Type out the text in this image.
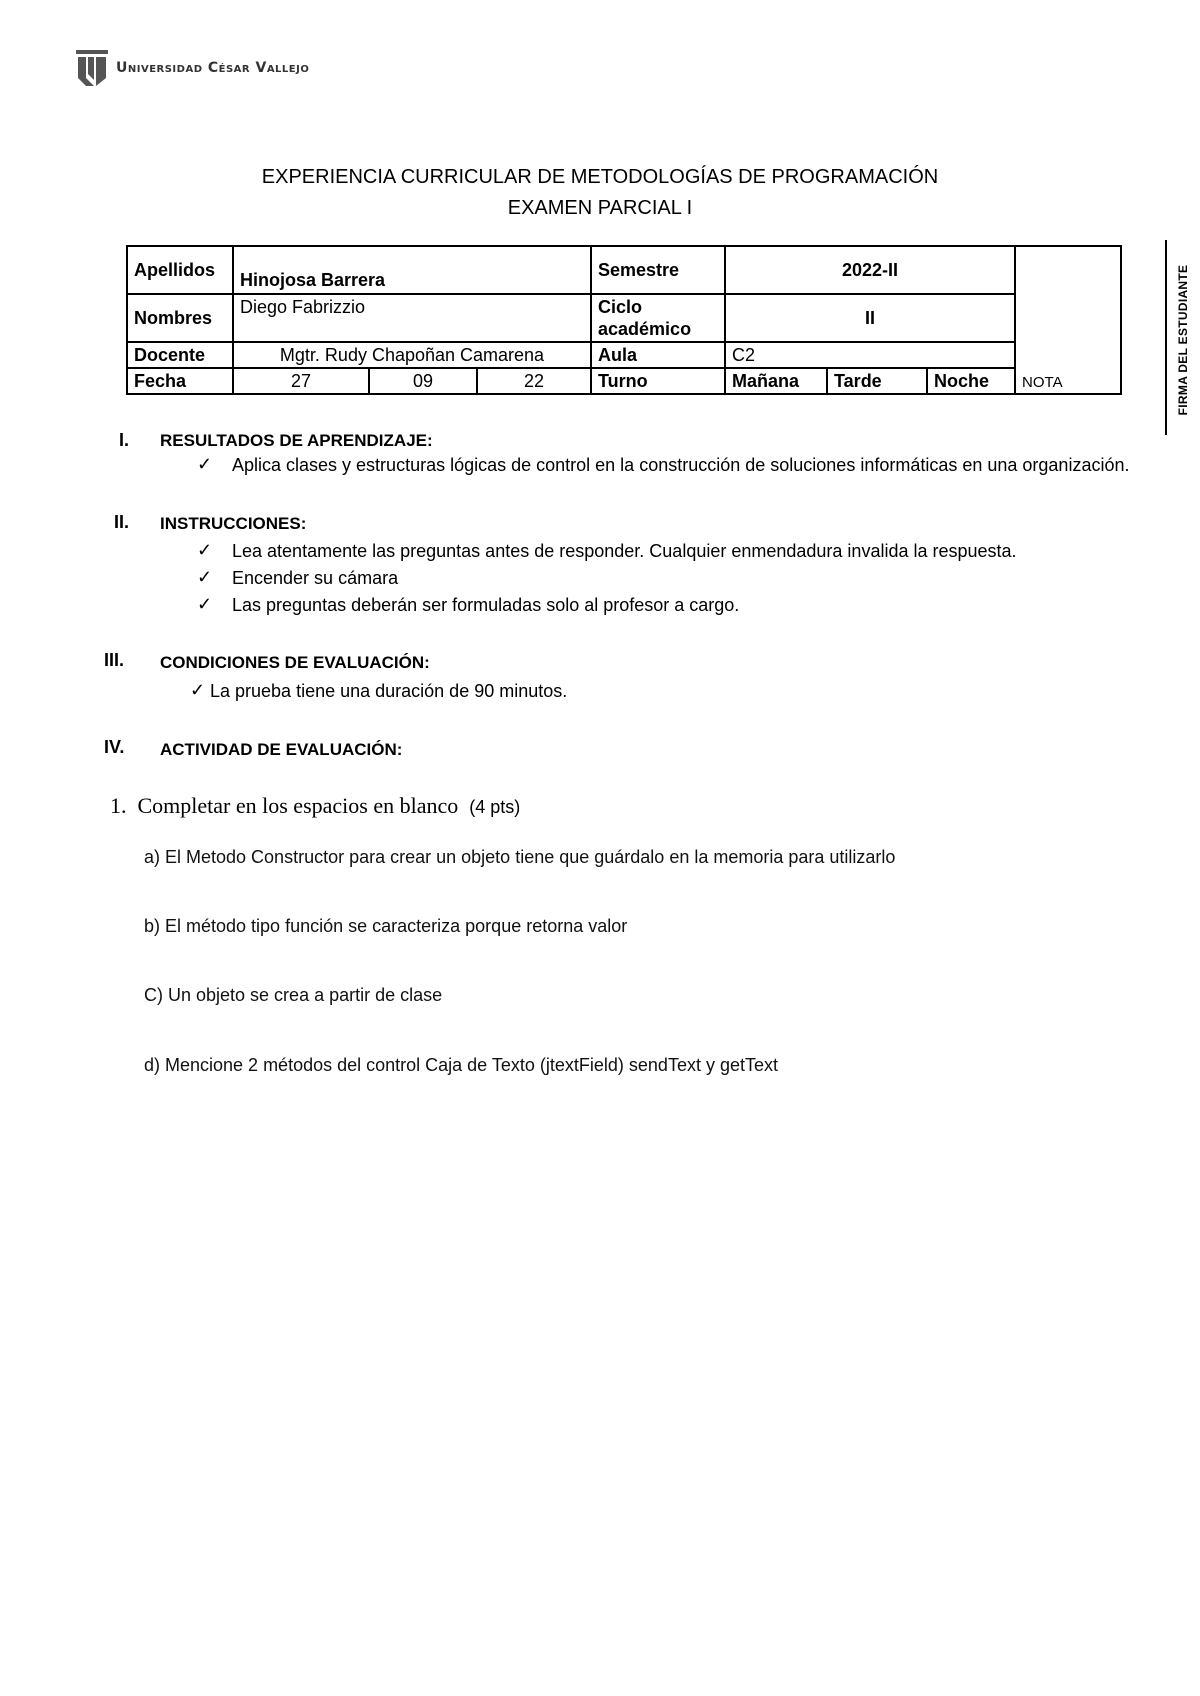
Universidad César Vallejo
EXPERIENCIA CURRICULAR DE METODOLOGÍAS DE PROGRAMACIÓN
EXAMEN PARCIAL I
Apellidos	Hinojosa Barrera			Semestre	2022-II			NOTA
Nombres	Diego Fabrizzio			Ciclo académico	II			
Docente	Mgtr. Rudy Chapoñan Camarena			Aula	C2			
Fecha	27	09	22	Turno	Mañana	Tarde	Noche		FIRMA DEL ESTUDIANTE
I. RESULTADOS DE APRENDIZAJE:
✓ Aplica clases y estructuras lógicas de control en la construcción de soluciones informáticas en una organización.
II. INSTRUCCIONES:
✓ Lea atentamente las preguntas antes de responder. Cualquier enmendadura invalida la respuesta.
✓ Encender su cámara
✓ Las preguntas deberán ser formuladas solo al profesor a cargo.
III. CONDICIONES DE EVALUACIÓN:
✓ La prueba tiene una duración de 90 minutos.
IV. ACTIVIDAD DE EVALUACIÓN:
1. Completar en los espacios en blanco (4 pts)
a) El Metodo Constructor para crear un objeto tiene que guárdalo en la memoria para utilizarlo
b) El método tipo función se caracteriza porque retorna valor
C) Un objeto se crea a partir de clase
d) Mencione 2 métodos del control Caja de Texto (jtextField) sendText y getText
